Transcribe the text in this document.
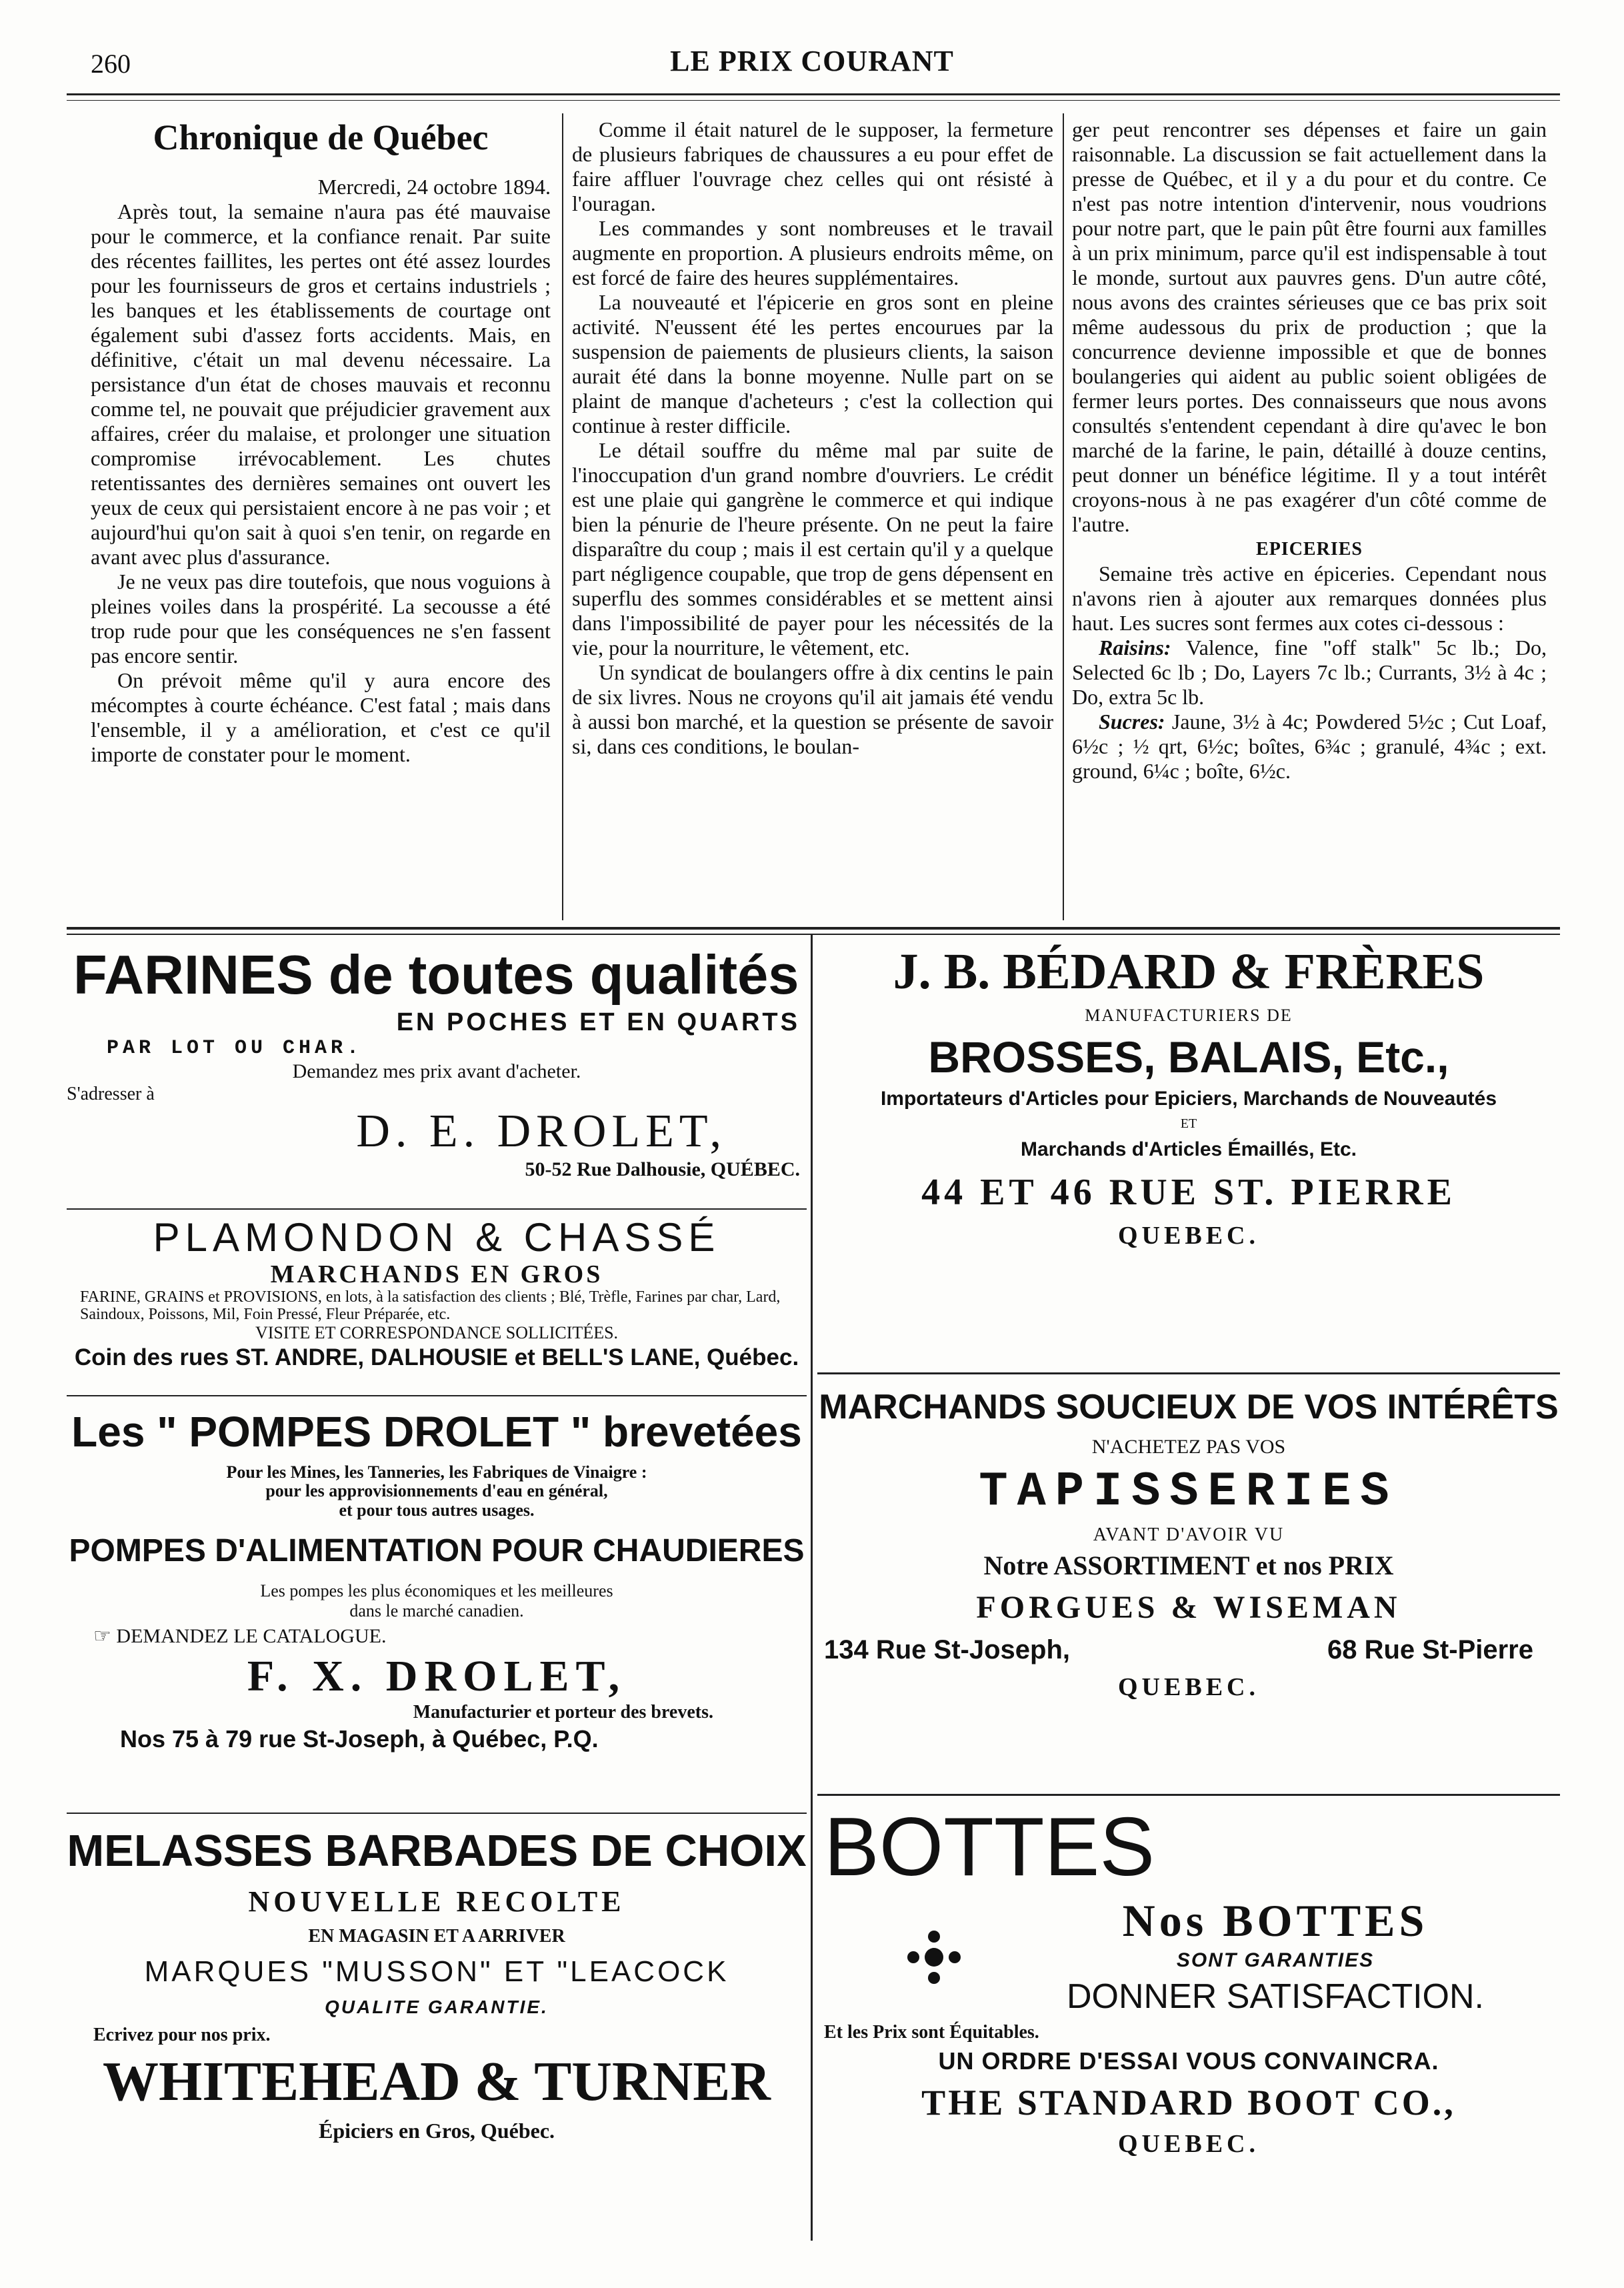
260	LE PRIX COURANT
Chronique de Québec

Mercredi, 24 octobre 1894.

Après tout, la semaine n'aura pas été mauvaise pour le commerce, et la confiance renait. Par suite des récentes faillites, les pertes ont été assez lourdes pour les fournisseurs de gros et certains industriels ; les banques et les établissements de courtage ont également subi d'assez forts accidents. Mais, en définitive, c'était un mal devenu nécessaire. La persistance d'un état de choses mauvais et reconnu comme tel, ne pouvait que préjudicier gravement aux affaires, créer du malaise, et prolonger une situation compromise irrévocablement. Les chutes retentissantes des dernières semaines ont ouvert les yeux de ceux qui persistaient encore à ne pas voir ; et aujourd'hui qu'on sait à quoi s'en tenir, on regarde en avant avec plus d'assurance.

Je ne veux pas dire toutefois, que nous voguions à pleines voiles dans la prospérité. La secousse a été trop rude pour que les conséquences ne s'en fassent pas encore sentir.

On prévoit même qu'il y aura encore des mécomptes à courte échéance. C'est fatal ; mais dans l'ensemble, il y a amélioration, et c'est ce qu'il importe de constater pour le moment.

Comme il était naturel de le supposer, la fermeture de plusieurs fabriques de chaussures a eu pour effet de faire affluer l'ouvrage chez celles qui ont résisté à l'ouragan.

Les commandes y sont nombreuses et le travail augmente en proportion. A plusieurs endroits même, on est forcé de faire des heures supplémentaires.

La nouveauté et l'épicerie en gros sont en pleine activité. N'eussent été les pertes encourues par la suspension de paiements de plusieurs clients, la saison aurait été dans la bonne moyenne. Nulle part on se plaint de manque d'acheteurs ; c'est la collection qui continue à rester difficile.

Le détail souffre du même mal par suite de l'inoccupation d'un grand nombre d'ouvriers. Le crédit est une plaie qui gangrène le commerce et qui indique bien la pénurie de l'heure présente. On ne peut la faire disparaître du coup ; mais il est certain qu'il y a quelque part négligence coupable, que trop de gens dépensent en superflu des sommes considérables et se mettent ainsi dans l'impossibilité de payer pour les nécessités de la vie, pour la nourriture, le vêtement, etc.

Un syndicat de boulangers offre à dix centins le pain de six livres. Nous ne croyons qu'il ait jamais été vendu à aussi bon marché, et la question se présente de savoir si, dans ces conditions, le boulan-

ger peut rencontrer ses dépenses et faire un gain raisonnable. La discussion se fait actuellement dans la presse de Québec, et il y a du pour et du contre. Ce n'est pas notre intention d'intervenir, nous voudrions pour notre part, que le pain pût être fourni aux familles à un prix minimum, parce qu'il est indispensable à tout le monde, surtout aux pauvres gens. D'un autre côté, nous avons des craintes sérieuses que ce bas prix soit même audessous du prix de production ; que la concurrence devienne impossible et que de bonnes boulangeries qui aident au public soient obligées de fermer leurs portes. Des connaisseurs que nous avons consultés s'entendent cependant à dire qu'avec le bon marché de la farine, le pain, détaillé à douze centins, peut donner un bénéfice légitime. Il y a tout intérêt croyons-nous à ne pas exagérer d'un côté comme de l'autre.

EPICERIES

Semaine très active en épiceries. Cependant nous n'avons rien à ajouter aux remarques données plus haut. Les sucres sont fermes aux cotes ci-dessous :

Raisins: Valence, fine "off stalk" 5c lb.; Do, Selected 6c lb ; Do, Layers 7c lb.; Currants, 3½ à 4c ; Do, extra 5c lb.

Sucres: Jaune, 3½ à 4c; Powdered 5½c ; Cut Loaf, 6½c ; ½ qrt, 6½c; boîtes, 6¾c ; granulé, 4¾c ; ext. ground, 6¼c ; boîte, 6½c.

FARINES de toutes qualités
EN POCHES ET EN QUARTS
PAR LOT OU CHAR.
Demandez mes prix avant d'acheter.
S'adresser à
D. E. DROLET,
50-52 Rue Dalhousie, QUÉBEC.
PLAMONDON & CHASSÉ
MARCHANDS EN GROS
FARINE, GRAINS et PROVISIONS, en lots, à la satisfaction des clients ; Blé, Trèfle, Farines par char, Lard, Saindoux, Poissons, Mil, Foin Pressé, Fleur Préparée, etc.
VISITE ET CORRESPONDANCE SOLLICITÉES.
Coin des rues ST. ANDRE, DALHOUSIE et BELL'S LANE, Québec.
Les " POMPES DROLET " brevetées
Pour les Mines, les Tanneries, les Fabriques de Vinaigre :
pour les approvisionnements d'eau en général,
et pour tous autres usages.
POMPES D'ALIMENTATION POUR CHAUDIERES
Les pompes les plus économiques et les meilleures
dans le marché canadien.
☞ DEMANDEZ LE CATALOGUE.
F. X. DROLET,
Manufacturier et porteur des brevets.
Nos 75 à 79 rue St-Joseph, à Québec, P.Q.
MELASSES BARBADES DE CHOIX
NOUVELLE RECOLTE
EN MAGASIN ET A ARRIVER
MARQUES "MUSSON" ET "LEACOCK
QUALITE GARANTIE.
Ecrivez pour nos prix.
WHITEHEAD & TURNER
Épiciers en Gros, Québec.
J. B. BÉDARD & FRÈRES
MANUFACTURIERS DE
BROSSES, BALAIS, Etc.,
Importateurs d'Articles pour Epiciers, Marchands de Nouveautés
ET
Marchands d'Articles Émaillés, Etc.
44 ET 46 RUE ST. PIERRE
QUEBEC.
MARCHANDS SOUCIEUX DE VOS INTÉRÊTS
N'ACHETEZ PAS VOS
TAPISSERIES
AVANT D'AVOIR VU
Notre ASSORTIMENT et nos PRIX
FORGUES & WISEMAN
134 Rue St-Joseph,	68 Rue St-Pierre
QUEBEC.
BOTTES
Nos BOTTES
SONT GARANTIES
DONNER SATISFACTION.
Et les Prix sont Équitables.
UN ORDRE D'ESSAI VOUS CONVAINCRA.
THE STANDARD BOOT CO.,
QUEBEC.
